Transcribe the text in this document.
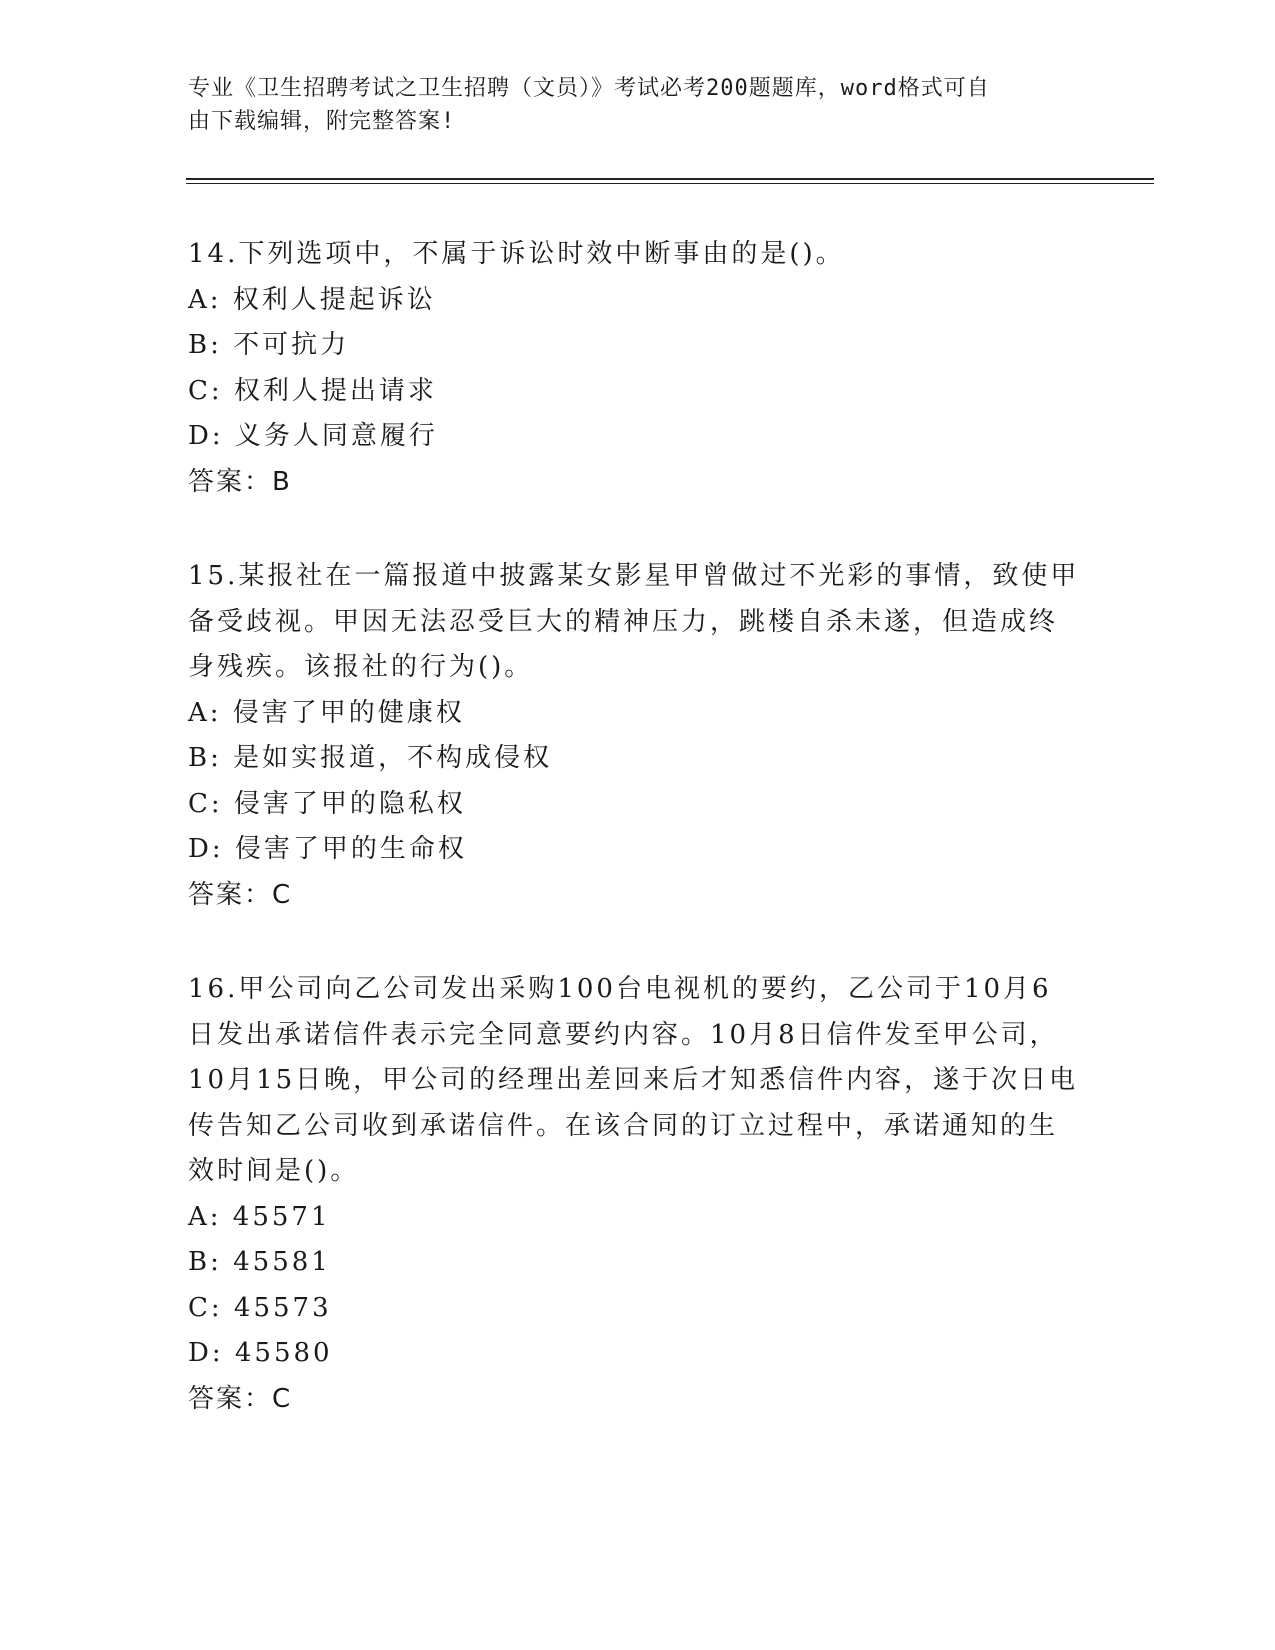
专业《卫生招聘考试之卫生招聘（文员）》考试必考200题题库，word格式可自
由下载编辑，附完整答案!
14.下列选项中，不属于诉讼时效中断事由的是()。
A: 权利人提起诉讼
B: 不可抗力
C: 权利人提出请求
D: 义务人同意履行
答案：B
15.某报社在一篇报道中披露某女影星甲曾做过不光彩的事情，致使甲
备受歧视。甲因无法忍受巨大的精神压力，跳楼自杀未遂，但造成终
身残疾。该报社的行为()。
A: 侵害了甲的健康权
B: 是如实报道，不构成侵权
C: 侵害了甲的隐私权
D: 侵害了甲的生命权
答案：C
16.甲公司向乙公司发出采购100台电视机的要约，乙公司于10月6
日发出承诺信件表示完全同意要约内容。10月8日信件发至甲公司，
10月15日晚，甲公司的经理出差回来后才知悉信件内容，遂于次日电
传告知乙公司收到承诺信件。在该合同的订立过程中，承诺通知的生
效时间是()。
A: 45571
B: 45581
C: 45573
D: 45580
答案：C
